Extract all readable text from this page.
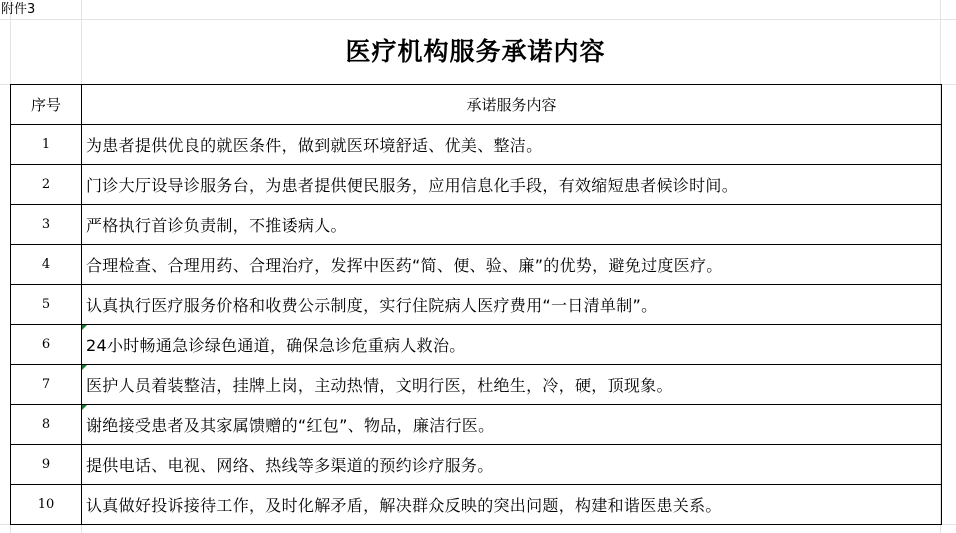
附件3
医疗机构服务承诺内容
序号	承诺服务内容
1	为患者提供优良的就医条件，做到就医环境舒适、优美、整洁。
2	门诊大厅设导诊服务台，为患者提供便民服务，应用信息化手段，有效缩短患者候诊时间。
3	严格执行首诊负责制，不推诿病人。
4	合理检查、合理用药、合理治疗，发挥中医药“简、便、验、廉”的优势，避免过度医疗。
5	认真执行医疗服务价格和收费公示制度，实行住院病人医疗费用“一日清单制”。
6	24小时畅通急诊绿色通道，确保急诊危重病人救治。
7	医护人员着装整洁，挂牌上岗，主动热情，文明行医，杜绝生，冷，硬，顶现象。
8	谢绝接受患者及其家属馈赠的“红包”、物品，廉洁行医。
9	提供电话、电视、网络、热线等多渠道的预约诊疗服务。
10	认真做好投诉接待工作，及时化解矛盾，解决群众反映的突出问题，构建和谐医患关系。
